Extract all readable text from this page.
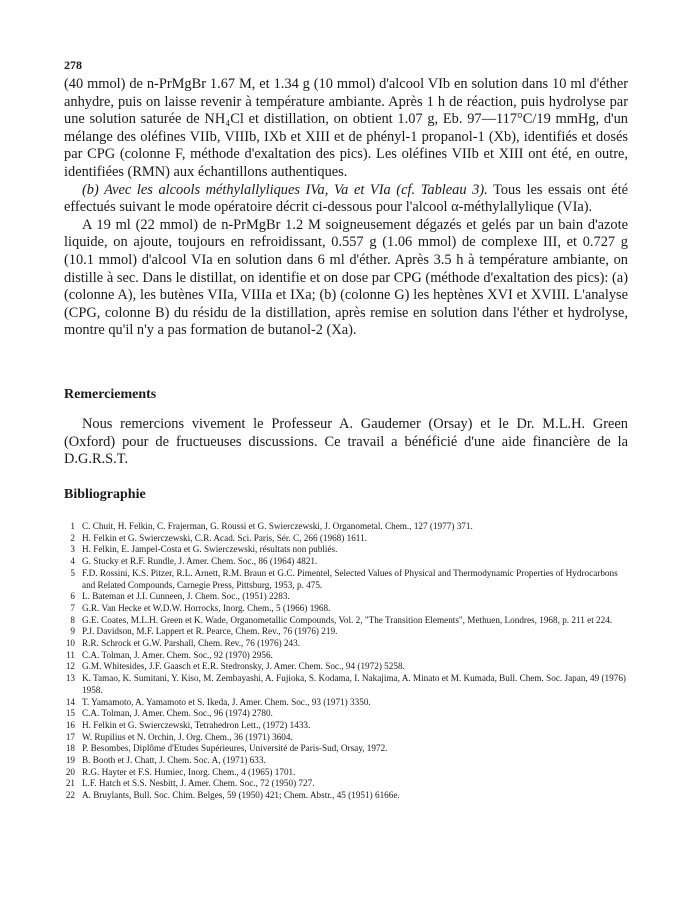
278

(40 mmol) de n-PrMgBr 1.67 M, et 1.34 g (10 mmol) d'alcool VIb en solution dans 10 ml d'éther anhydre, puis on laisse revenir à température ambiante. Après 1 h de réaction, puis hydrolyse par une solution saturée de NH₄Cl et distillation, on obtient 1.07 g, Eb. 97—117°C/19 mmHg, d'un mélange des oléfines VIIb, VIIIb, IXb et XIII et de phényl-1 propanol-1 (Xb), identifiés et dosés par CPG (colonne F, méthode d'exaltation des pics). Les oléfines VIIb et XIII ont été, en outre, identifiées (RMN) aux échantillons authentiques.

(b) Avec les alcools méthylallyliques IVa, Va et VIa (cf. Tableau 3). Tous les essais ont été effectués suivant le mode opératoire décrit ci-dessous pour l'alcool α-méthylallylique (VIa).

A 19 ml (22 mmol) de n-PrMgBr 1.2 M soigneusement dégazés et gelés par un bain d'azote liquide, on ajoute, toujours en refroidissant, 0.557 g (1.06 mmol) de complexe III, et 0.727 g (10.1 mmol) d'alcool VIa en solution dans 6 ml d'éther. Après 3.5 h à température ambiante, on distille à sec. Dans le distillat, on identifie et on dose par CPG (méthode d'exaltation des pics): (a) (colonne A), les butènes VIIa, VIIIa et IXa; (b) (colonne G) les heptènes XVI et XVIII. L'analyse (CPG, colonne B) du résidu de la distillation, après remise en solution dans l'éther et hydrolyse, montre qu'il n'y a pas formation de butanol-2 (Xa).

Remerciements

Nous remercions vivement le Professeur A. Gaudemer (Orsay) et le Dr. M.L.H. Green (Oxford) pour de fructueuses discussions. Ce travail a bénéficié d'une aide financière de la D.G.R.S.T.

Bibliographie
1 C. Chuit, H. Felkin, C. Frajerman, G. Roussi et G. Swierczewski, J. Organometal. Chem., 127 (1977) 371.
2 H. Felkin et G. Swierczewski, C.R. Acad. Sci. Paris, Sér. C, 266 (1968) 1611.
3 H. Felkin, E. Jampel-Costa et G. Swierczewski, résultats non publiés.
4 G. Stucky et R.F. Rundle, J. Amer. Chem. Soc., 86 (1964) 4821.
5 F.D. Rossini, K.S. Pitzer, R.L. Arnett, R.M. Braun et G.C. Pimentel, Selected Values of Physical and Thermodynamic Properties of Hydrocarbons and Related Compounds, Carnegie Press, Pittsburg, 1953, p. 475.
6 L. Bateman et J.I. Cunneen, J. Chem. Soc., (1951) 2283.
7 G.R. Van Hecke et W.D.W. Horrocks, Inorg. Chem., 5 (1966) 1968.
8 G.E. Coates, M.L.H. Green et K. Wade, Organometallic Compounds, Vol. 2, "The Transition Elements", Methuen, Londres, 1968, p. 211 et 224.
9 P.J. Davidson, M.F. Lappert et R. Pearce, Chem. Rev., 76 (1976) 219.
10 R.R. Schrock et G.W. Parshall, Chem. Rev., 76 (1976) 243.
11 C.A. Tolman, J. Amer. Chem. Soc., 92 (1970) 2956.
12 G.M. Whitesides, J.F. Gaasch et E.R. Stedronsky, J. Amer. Chem. Soc., 94 (1972) 5258.
13 K. Tamao, K. Sumitani, Y. Kiso, M. Zembayashi, A. Fujioka, S. Kodama, I. Nakajima, A. Minato et M. Kumada, Bull. Chem. Soc. Japan, 49 (1976) 1958.
14 T. Yamamoto, A. Yamamoto et S. Ikeda, J. Amer. Chem. Soc., 93 (1971) 3350.
15 C.A. Tolman, J. Amer. Chem. Soc., 96 (1974) 2780.
16 H. Felkin et G. Swierczewski, Tetrahedron Lett., (1972) 1433.
17 W. Rupilius et N. Orchin, J. Org. Chem., 36 (1971) 3604.
18 P. Besombes, Diplôme d'Etudes Supérieures, Université de Paris-Sud, Orsay, 1972.
19 B. Booth et J. Chatt, J. Chem. Soc. A, (1971) 633.
20 R.G. Hayter et F.S. Humiec, Inorg. Chem., 4 (1965) 1701.
21 L.F. Hatch et S.S. Nesbitt, J. Amer. Chem. Soc., 72 (1950) 727.
22 A. Bruylants, Bull. Soc. Chim. Belges, 59 (1950) 421; Chem. Abstr., 45 (1951) 6166e.
